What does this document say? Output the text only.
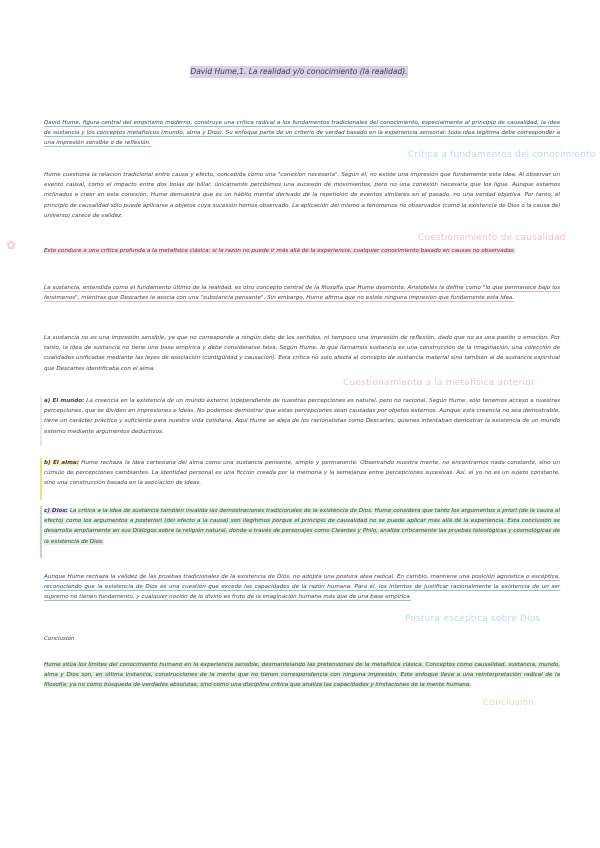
David Hume,1. La realidad y/o conocimiento (la realidad).
David Hume, figura central del empirismo moderno, construye una crítica radical a los fundamentos tradicionales del conocimiento, especialmente al principio de causalidad, la idea de sustancia y los conceptos metafísicos (mundo, alma y Dios). Su enfoque parte de un criterio de verdad basado en la experiencia sensorial: toda idea legítima debe corresponder a una impresión sensible o de reflexión.
Crítica a fundamentos del conocimiento
Hume cuestiona la relación tradicional entre causa y efecto, concebida como una "conexión necesaria". Según él, no existe una impresión que fundamente esta idea. Al observar un evento causal, como el impacto entre dos bolas de billar, únicamente percibimos una sucesión de movimientos, pero no una conexión necesaria que los ligue. Aunque estamos inclinados a creer en esta conexión, Hume demuestra que es un hábito mental derivado de la repetición de eventos similares en el pasado, no una verdad objetiva. Por tanto, el principio de causalidad sólo puede aplicarse a objetos cuya sucesión hemos observado. La aplicación del mismo a fenómenos no observados (como la existencia de Dios o la causa del universo) carece de validez.
Cuestionamiento de causalidad
✿	Esto conduce a una crítica profunda a la metafísica clásica: si la razón no puede ir más allá de la experiencia, cualquier conocimiento basado en causas no observadas.
La sustancia, entendida como el fundamento último de la realidad, es otro concepto central de la filosofía que Hume desmonta. Aristóteles la define como "lo que permanece bajo los fenómenos", mientras que Descartes la asocia con una "substancia pensante". Sin embargo, Hume afirma que no existe ninguna impresión que fundamente esta idea.
La sustancia no es una impresión sensible, ya que no corresponde a ningún dato de los sentidos, ni tampoco una impresión de reflexión, dado que no es una pasión o emoción. Por tanto, la idea de sustancia no tiene una base empírica y debe considerarse falsa. Según Hume, lo que llamamos sustancia es una construcción de la imaginación, una colección de cualidades unificadas mediante las leyes de asociación (contigüidad y causación). Esta crítica no solo afecta al concepto de sustancia material sino también al de sustancia espiritual que Descartes identificaba con el alma.
Cuestionamiento a la metafísica anterior
a) El mundo: La creencia en la existencia de un mundo externo independiente de nuestras percepciones es natural, pero no racional. Según Hume, sólo tenemos acceso a nuestras percepciones, que se dividen en impresiones e ideas. No podemos demostrar que estas percepciones sean causadas por objetos externos. Aunque esta creencia no sea demostrable, tiene un carácter práctico y suficiente para nuestra vida cotidiana. Aquí Hume se aleja de los racionalistas como Descartes, quienes intentaban demostrar la existencia de un mundo externo mediante argumentos deductivos.
b) El alma: Hume rechaza la idea cartesiana del alma como una sustancia pensante, simple y permanente. Observando nuestra mente, no encontramos nada constante, sino un cúmulo de percepciones cambiantes. La identidad personal es una ficción creada por la memoria y la semejanza entre percepciones sucesivas. Así, el yo no es un sujeto constante, sino una construcción basada en la asociación de ideas.
c) Dios: La crítica a la idea de sustancia también invalida las demostraciones tradicionales de la existencia de Dios. Hume considera que tanto los argumentos a priori (de la causa al efecto) como los argumentos a posteriori (del efecto a la causa) son ilegítimos porque el principio de causalidad no se puede aplicar más allá de la experiencia. Esta conclusión se desarrolla ampliamente en sus Diálogos sobre la religión natural, donde a través de personajes como Cleantes y Philo, analiza críticamente las pruebas teleológicas y cosmológicas de la existencia de Dios.
Aunque Hume rechaza la validez de las pruebas tradicionales de la existencia de Dios, no adopta una postura atea radical. En cambio, mantiene una posición agnóstica o escéptica, reconociendo que la existencia de Dios es una cuestión que excede las capacidades de la razón humana. Para él, los intentos de justificar racionalmente la existencia de un ser supremo no tienen fundamento, y cualquier noción de lo divino es fruto de la imaginación humana más que de una base empírica.
Postura escéptica sobre Dios
Conclusión
Hume sitúa los límites del conocimiento humano en la experiencia sensible, desmantelando las pretensiones de la metafísica clásica. Conceptos como causalidad, sustancia, mundo, alma y Dios son, en última instancia, construcciones de la mente que no tienen correspondencia con ninguna impresión. Este enfoque lleva a una reinterpretación radical de la filosofía: ya no como búsqueda de verdades absolutas, sino como una disciplina crítica que analiza las capacidades y limitaciones de la mente humana.
Conclusión
